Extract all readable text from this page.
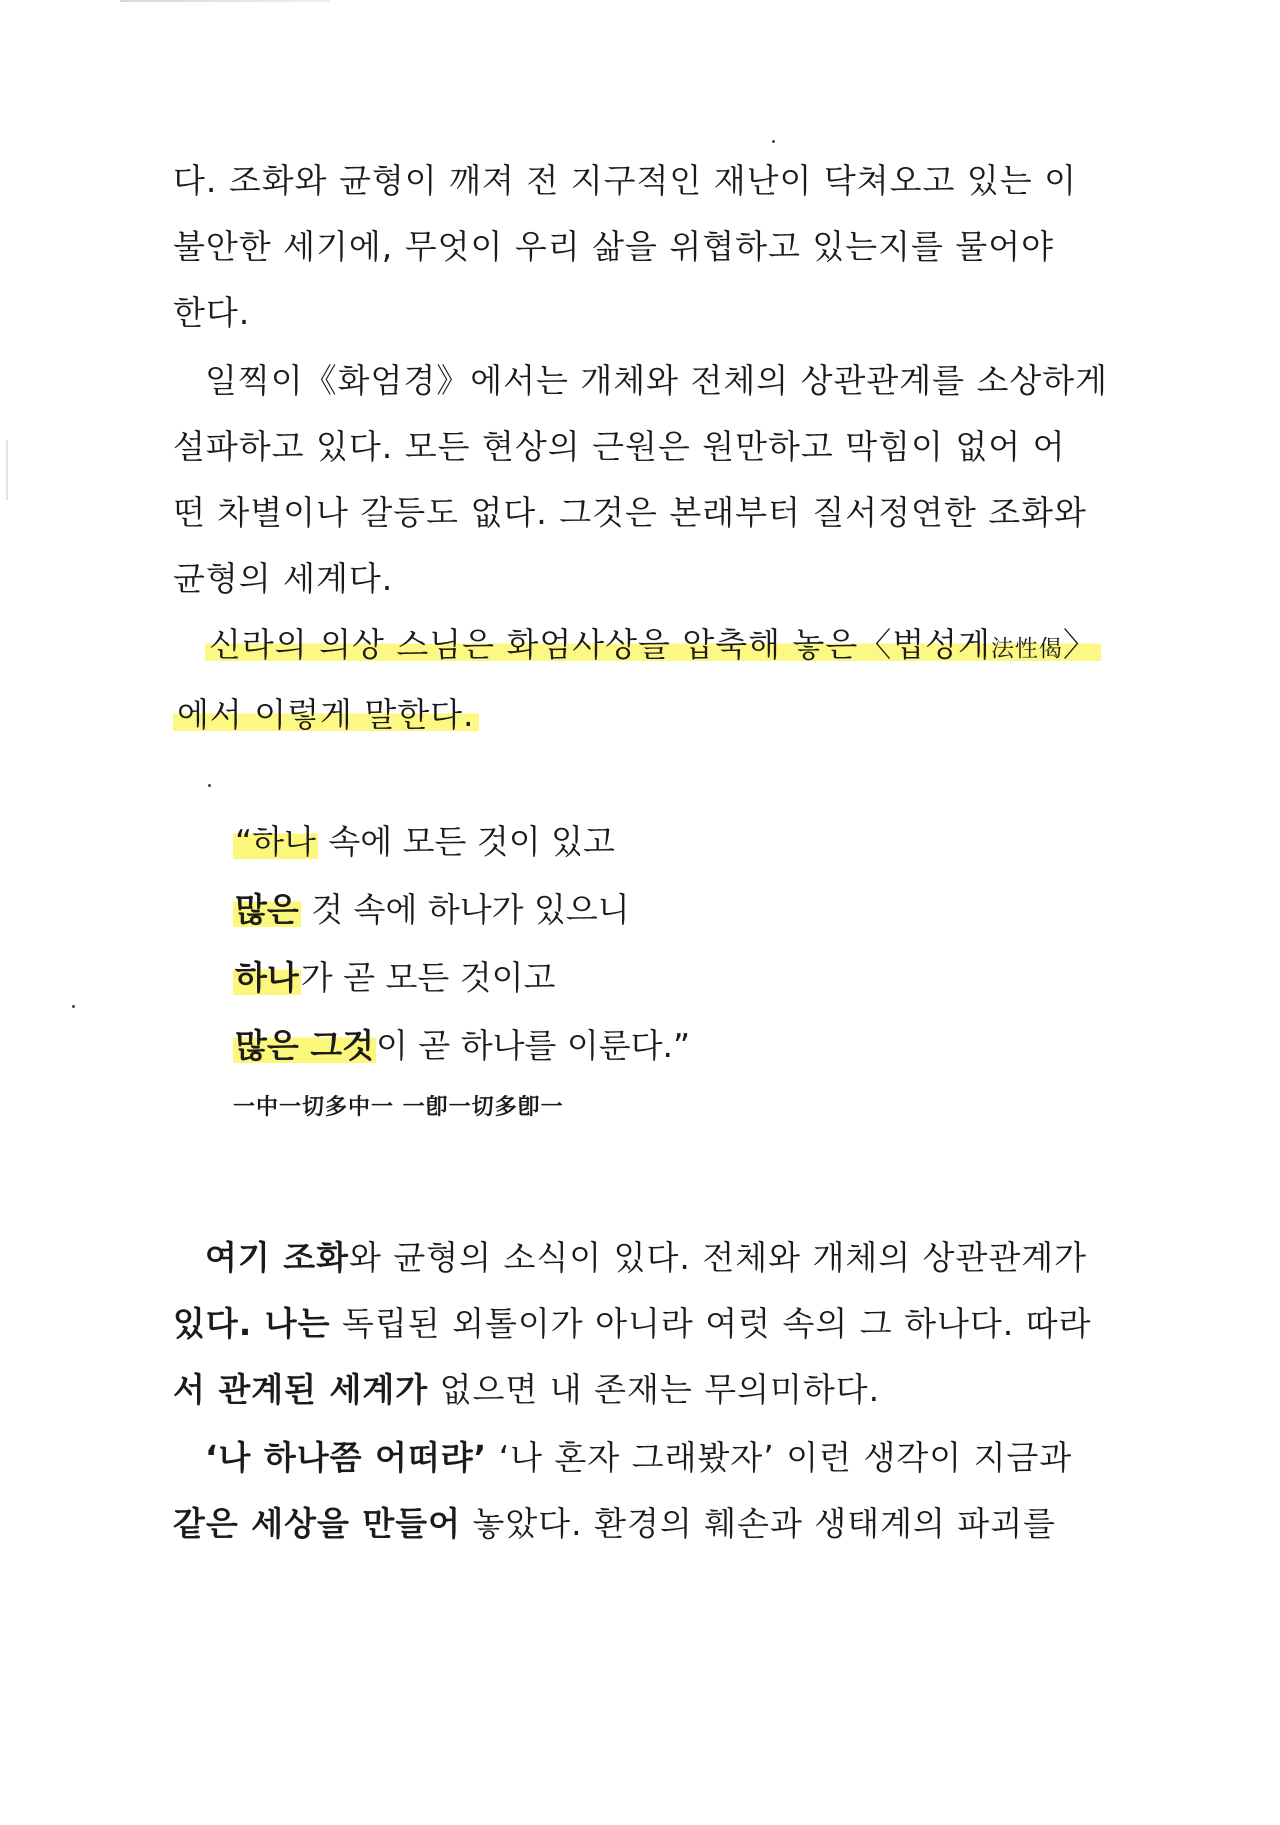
다. 조화와 균형이 깨져 전 지구적인 재난이 닥쳐오고 있는 이
불안한 세기에, 무엇이 우리 삶을 위협하고 있는지를 물어야
한다.
일찍이《화엄경》에서는 개체와 전체의 상관관계를 소상하게
설파하고 있다. 모든 현상의 근원은 원만하고 막힘이 없어 어
떤 차별이나 갈등도 없다. 그것은 본래부터 질서정연한 조화와
균형의 세계다.
신라의 의상 스님은 화엄사상을 압축해 놓은〈법성게法性偈〉
에서 이렇게 말한다.
“하나 속에 모든 것이 있고
많은 것 속에 하나가 있으니
하나가 곧 모든 것이고
많은 그것이 곧 하나를 이룬다.”
一中一切多中一 一卽一切多卽一
여기 조화와 균형의 소식이 있다. 전체와 개체의 상관관계가
있다. 나는 독립된 외톨이가 아니라 여럿 속의 그 하나다. 따라
서 관계된 세계가 없으면 내 존재는 무의미하다.
‘나 하나쯤 어떠랴’ ‘나 혼자 그래봤자’ 이런 생각이 지금과
같은 세상을 만들어 놓았다. 환경의 훼손과 생태계의 파괴를
